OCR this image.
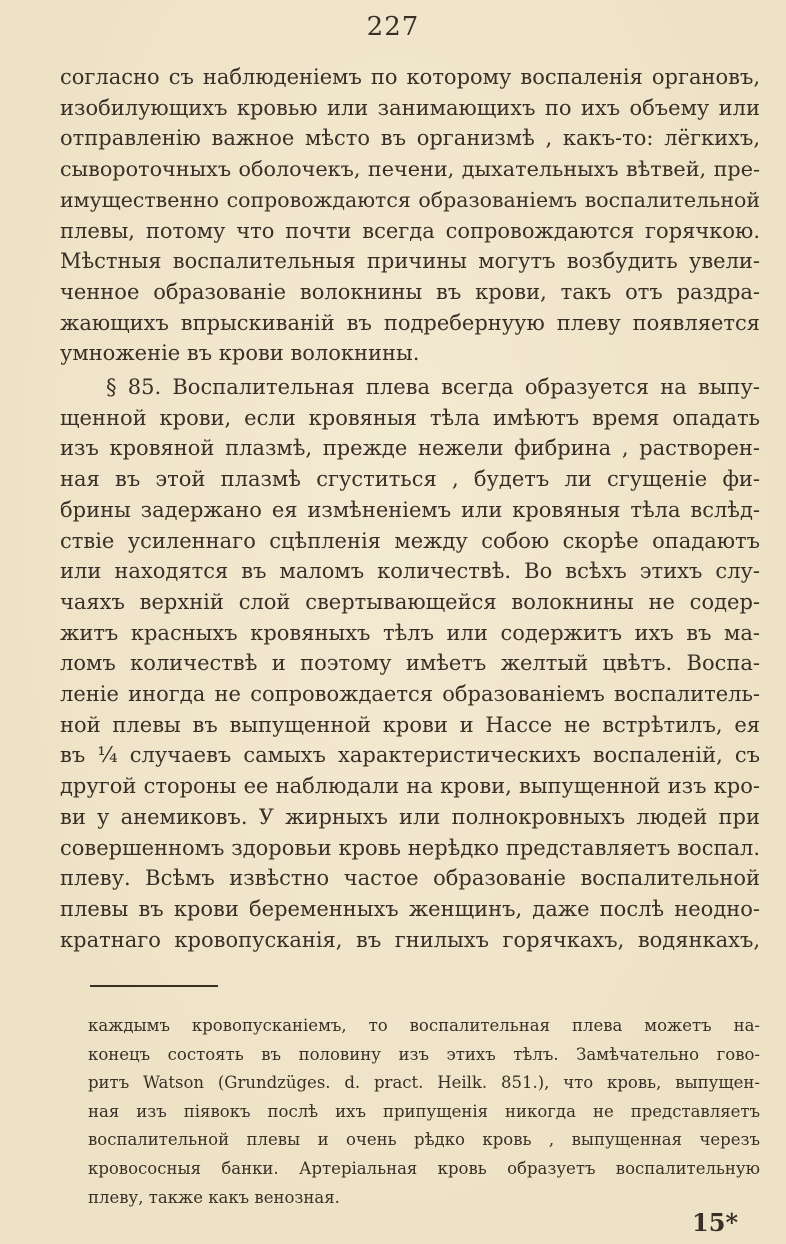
227
согласно съ наблюденіемъ по которому воспаленія органовъ,
изобилующихъ кровью или занимающихъ по ихъ объему или
отправленію важное мѣсто въ организмѣ , какъ-то: лёгкихъ,
сывороточныхъ оболочекъ, печени, дыхательныхъ вѣтвей, пре-
имущественно сопровождаются образованіемъ воспалительной
плевы, потому что почти всегда сопровождаются горячкою.
Мѣстныя воспалительныя причины могутъ возбудить увели-
ченное образованіе волокнины въ крови, такъ отъ раздра-
жающихъ впрыскиваній въ подребернуую плеву появляется
умноженіе въ крови волокнины.
§ 85. Воспалительная плева всегда образуется на выпу-
щенной крови, если кровяныя тѣла имѣютъ время опадать
изъ кровяной плазмѣ, прежде нежели фибрина , растворен-
ная въ этой плазмѣ сгуститься , будетъ ли сгущеніе фи-
брины задержано ея измѣненіемъ или кровяныя тѣла вслѣд-
ствіе усиленнаго сцѣпленія между собою скорѣе опадаютъ
или находятся въ маломъ количествѣ. Во всѣхъ этихъ слу-
чаяхъ верхній слой свертывающейся волокнины не содер-
житъ красныхъ кровяныхъ тѣлъ или содержитъ ихъ въ ма-
ломъ количествѣ и поэтому имѣетъ желтый цвѣтъ. Воспа-
леніе иногда не сопровождается образованіемъ воспалитель-
ной плевы въ выпущенной крови и Нассе не встрѣтилъ, ея
въ ¼ случаевъ самыхъ характеристическихъ воспаленій, съ
другой стороны ее наблюдали на крови, выпущенной изъ кро-
ви у анемиковъ. У жирныхъ или полнокровныхъ людей при
совершенномъ здоровьи кровь нерѣдко представляетъ воспал.
плеву. Всѣмъ извѣстно частое образованіе воспалительной
плевы въ крови беременныхъ женщинъ, даже послѣ неодно-
кратнаго кровопусканія, въ гнилыхъ горячкахъ, водянкахъ,
каждымъ кровопусканіемъ, то воспалительная плева можетъ на-
конецъ состоять въ половину изъ этихъ тѣлъ. Замѣчательно гово-
ритъ Watson (Grundzüges. d. pract. Heilk. 851.), что кровь, выпущен-
ная изъ піявокъ послѣ ихъ припущенія никогда не представляетъ
воспалительной плевы и очень рѣдко кровь , выпущенная черезъ
кровососныя банки. Артеріальная кровь образуетъ воспалительную
плеву, также какъ венозная.
15*
